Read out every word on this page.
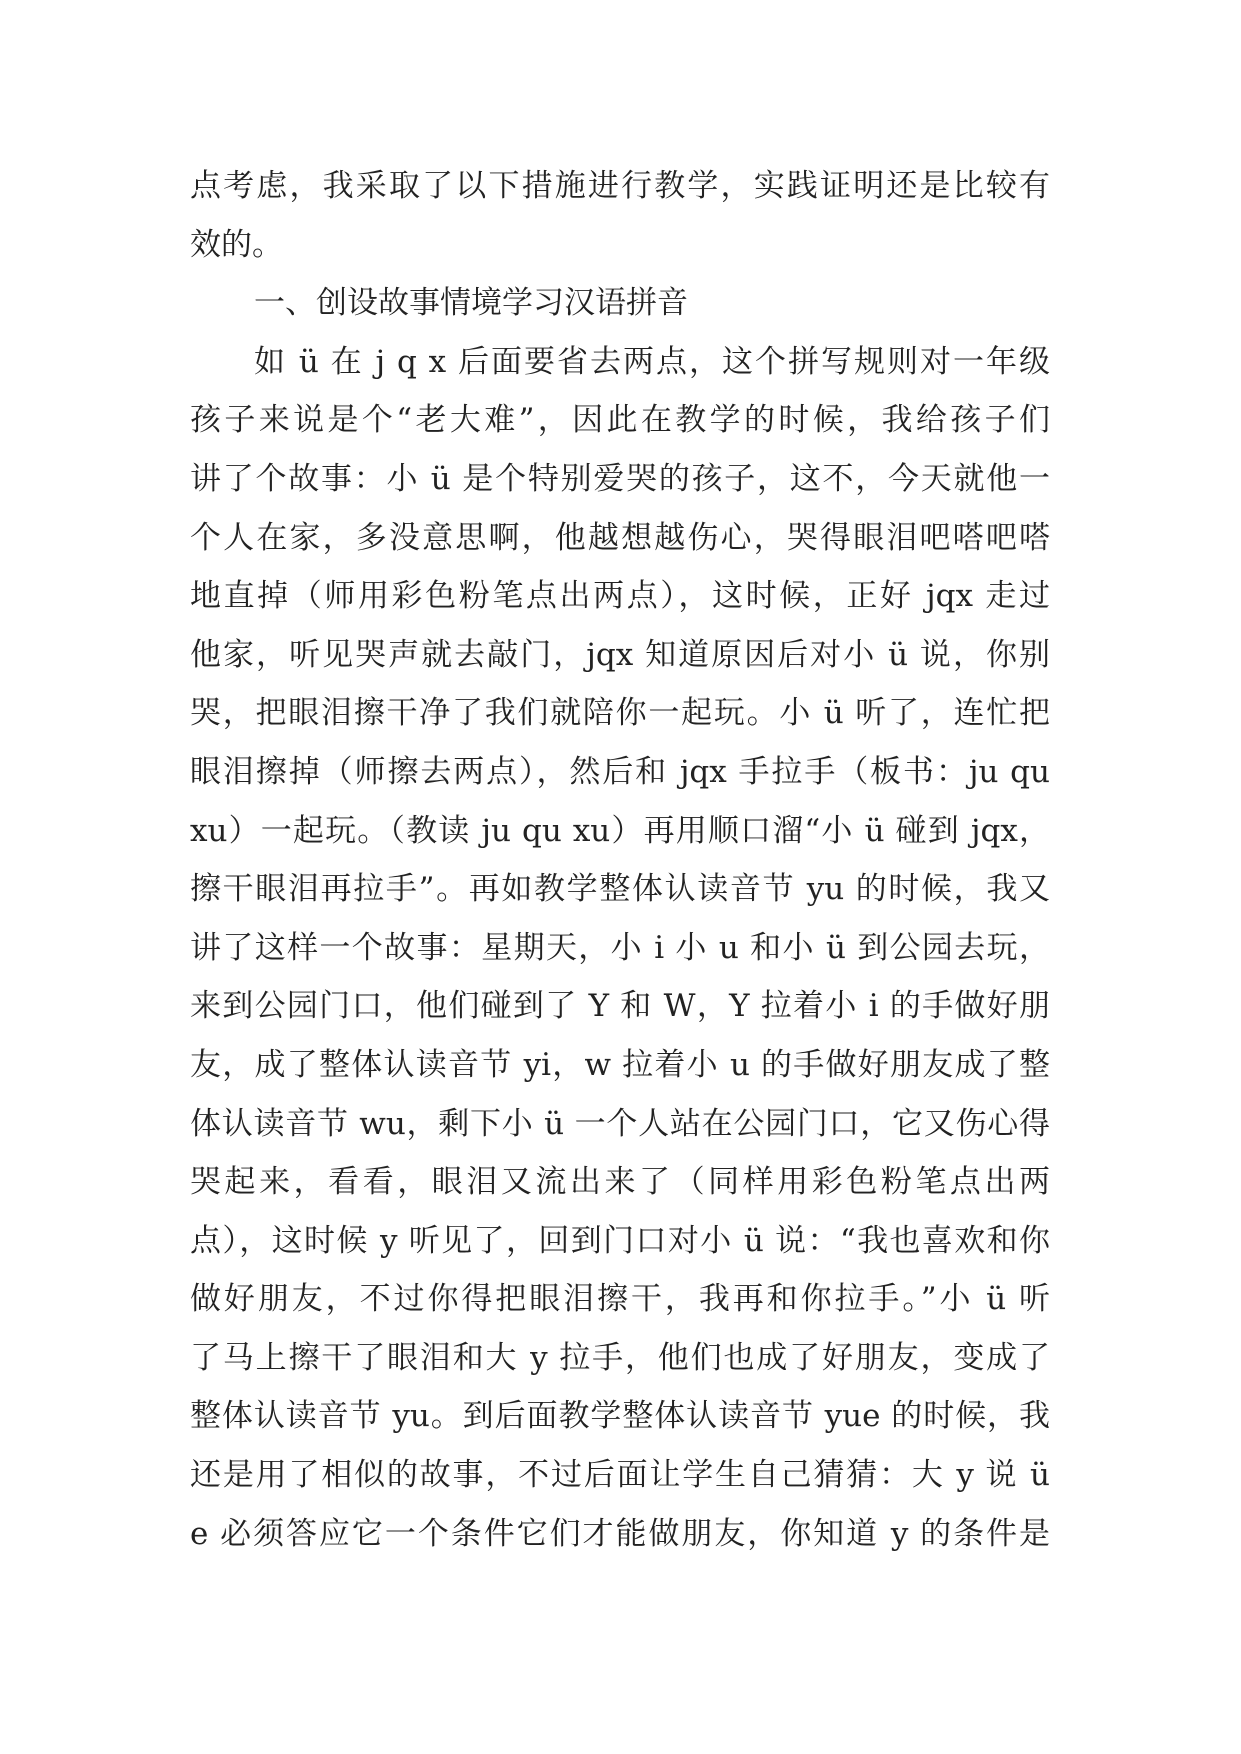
点考虑，我采取了以下措施进行教学，实践证明还是比较有
效的。
一、创设故事情境学习汉语拼音
如 ü 在 j q x 后面要省去两点，这个拼写规则对一年级
孩子来说是个“老大难”，因此在教学的时候，我给孩子们
讲了个故事：小 ü 是个特别爱哭的孩子，这不，今天就他一
个人在家，多没意思啊，他越想越伤心，哭得眼泪吧嗒吧嗒
地直掉（师用彩色粉笔点出两点），这时候，正好 jqx 走过
他家，听见哭声就去敲门，jqx 知道原因后对小 ü 说，你别
哭，把眼泪擦干净了我们就陪你一起玩。小 ü 听了，连忙把
眼泪擦掉（师擦去两点），然后和 jqx 手拉手（板书：ju qu
xu）一起玩。（教读 ju qu xu）再用顺口溜“小 ü 碰到 jqx，
擦干眼泪再拉手”。再如教学整体认读音节 yu 的时候，我又
讲了这样一个故事：星期天，小 i 小 u 和小 ü 到公园去玩，
来到公园门口，他们碰到了 Y 和 W，Y 拉着小 i 的手做好朋
友，成了整体认读音节 yi，w 拉着小 u 的手做好朋友成了整
体认读音节 wu，剩下小 ü 一个人站在公园门口，它又伤心得
哭起来，看看，眼泪又流出来了（同样用彩色粉笔点出两
点），这时候 y 听见了，回到门口对小 ü 说：“我也喜欢和你
做好朋友，不过你得把眼泪擦干，我再和你拉手。”小 ü 听
了马上擦干了眼泪和大 y 拉手，他们也成了好朋友，变成了
整体认读音节 yu。到后面教学整体认读音节 yue 的时候，我
还是用了相似的故事，不过后面让学生自己猜猜：大 y 说 ü
e 必须答应它一个条件它们才能做朋友，你知道 y 的条件是
